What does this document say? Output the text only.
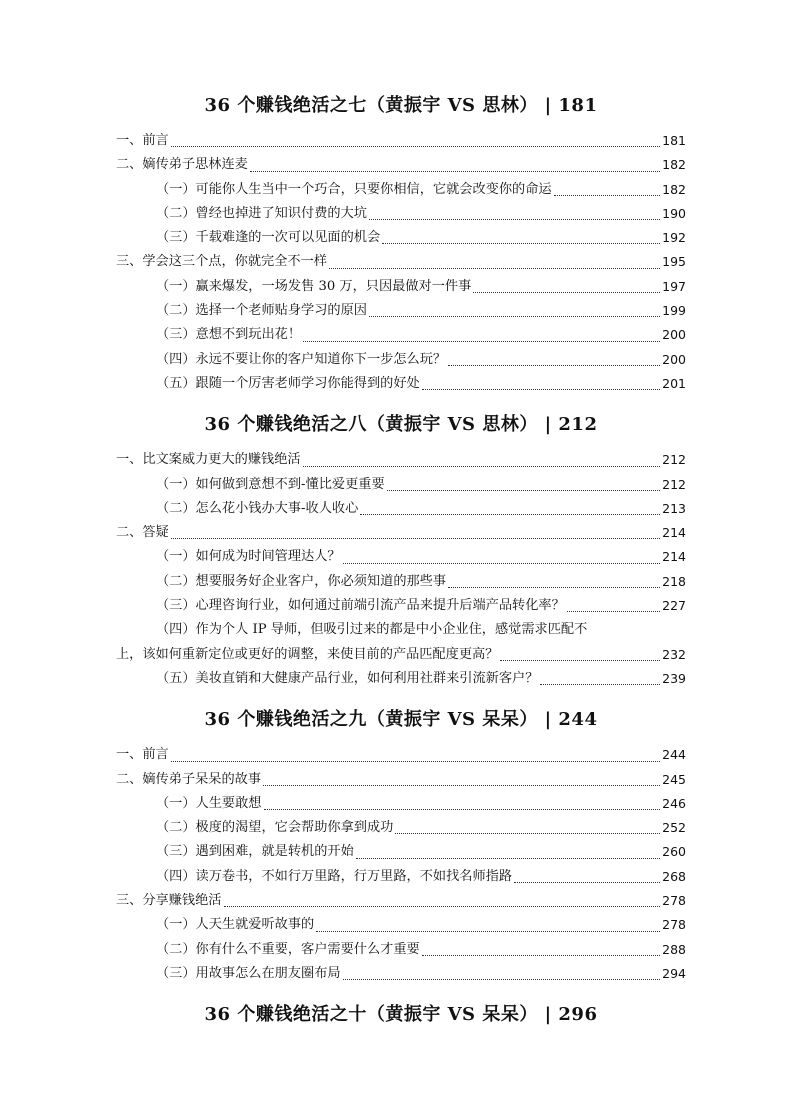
36 个赚钱绝活之七（黄振宇 VS 思林） | 181
一、前言	181
二、嫡传弟子思林连麦	182
（一）可能你人生当中一个巧合，只要你相信，它就会改变你的命运	182
（二）曾经也掉进了知识付费的大坑	190
（三）千载难逢的一次可以见面的机会	192
三、学会这三个点，你就完全不一样	195
（一）赢来爆发，一场发售 30 万，只因最做对一件事	197
（二）选择一个老师贴身学习的原因	199
（三）意想不到玩出花！	200
（四）永远不要让你的客户知道你下一步怎么玩？	200
（五）跟随一个厉害老师学习你能得到的好处	201
36 个赚钱绝活之八（黄振宇 VS 思林） | 212
一、比文案威力更大的赚钱绝活	212
（一）如何做到意想不到-懂比爱更重要	212
（二）怎么花小钱办大事-收人收心	213
二、答疑	214
（一）如何成为时间管理达人？	214
（二）想要服务好企业客户，你必须知道的那些事	218
（三）心理咨询行业，如何通过前端引流产品来提升后端产品转化率？	227
（四）作为个人 IP 导师，但吸引过来的都是中小企业住，感觉需求匹配不
上，该如何重新定位或更好的调整，来使目前的产品匹配度更高？	232
（五）美妆直销和大健康产品行业，如何利用社群来引流新客户？	239
36 个赚钱绝活之九（黄振宇 VS 呆呆） | 244
一、前言	244
二、嫡传弟子呆呆的故事	245
（一）人生要敢想	246
（二）极度的渴望，它会帮助你拿到成功	252
（三）遇到困难，就是转机的开始	260
（四）读万卷书，不如行万里路，行万里路，不如找名师指路	268
三、分享赚钱绝活	278
（一）人天生就爱听故事的	278
（二）你有什么不重要，客户需要什么才重要	288
（三）用故事怎么在朋友圈布局	294
36 个赚钱绝活之十（黄振宇 VS 呆呆） | 296
